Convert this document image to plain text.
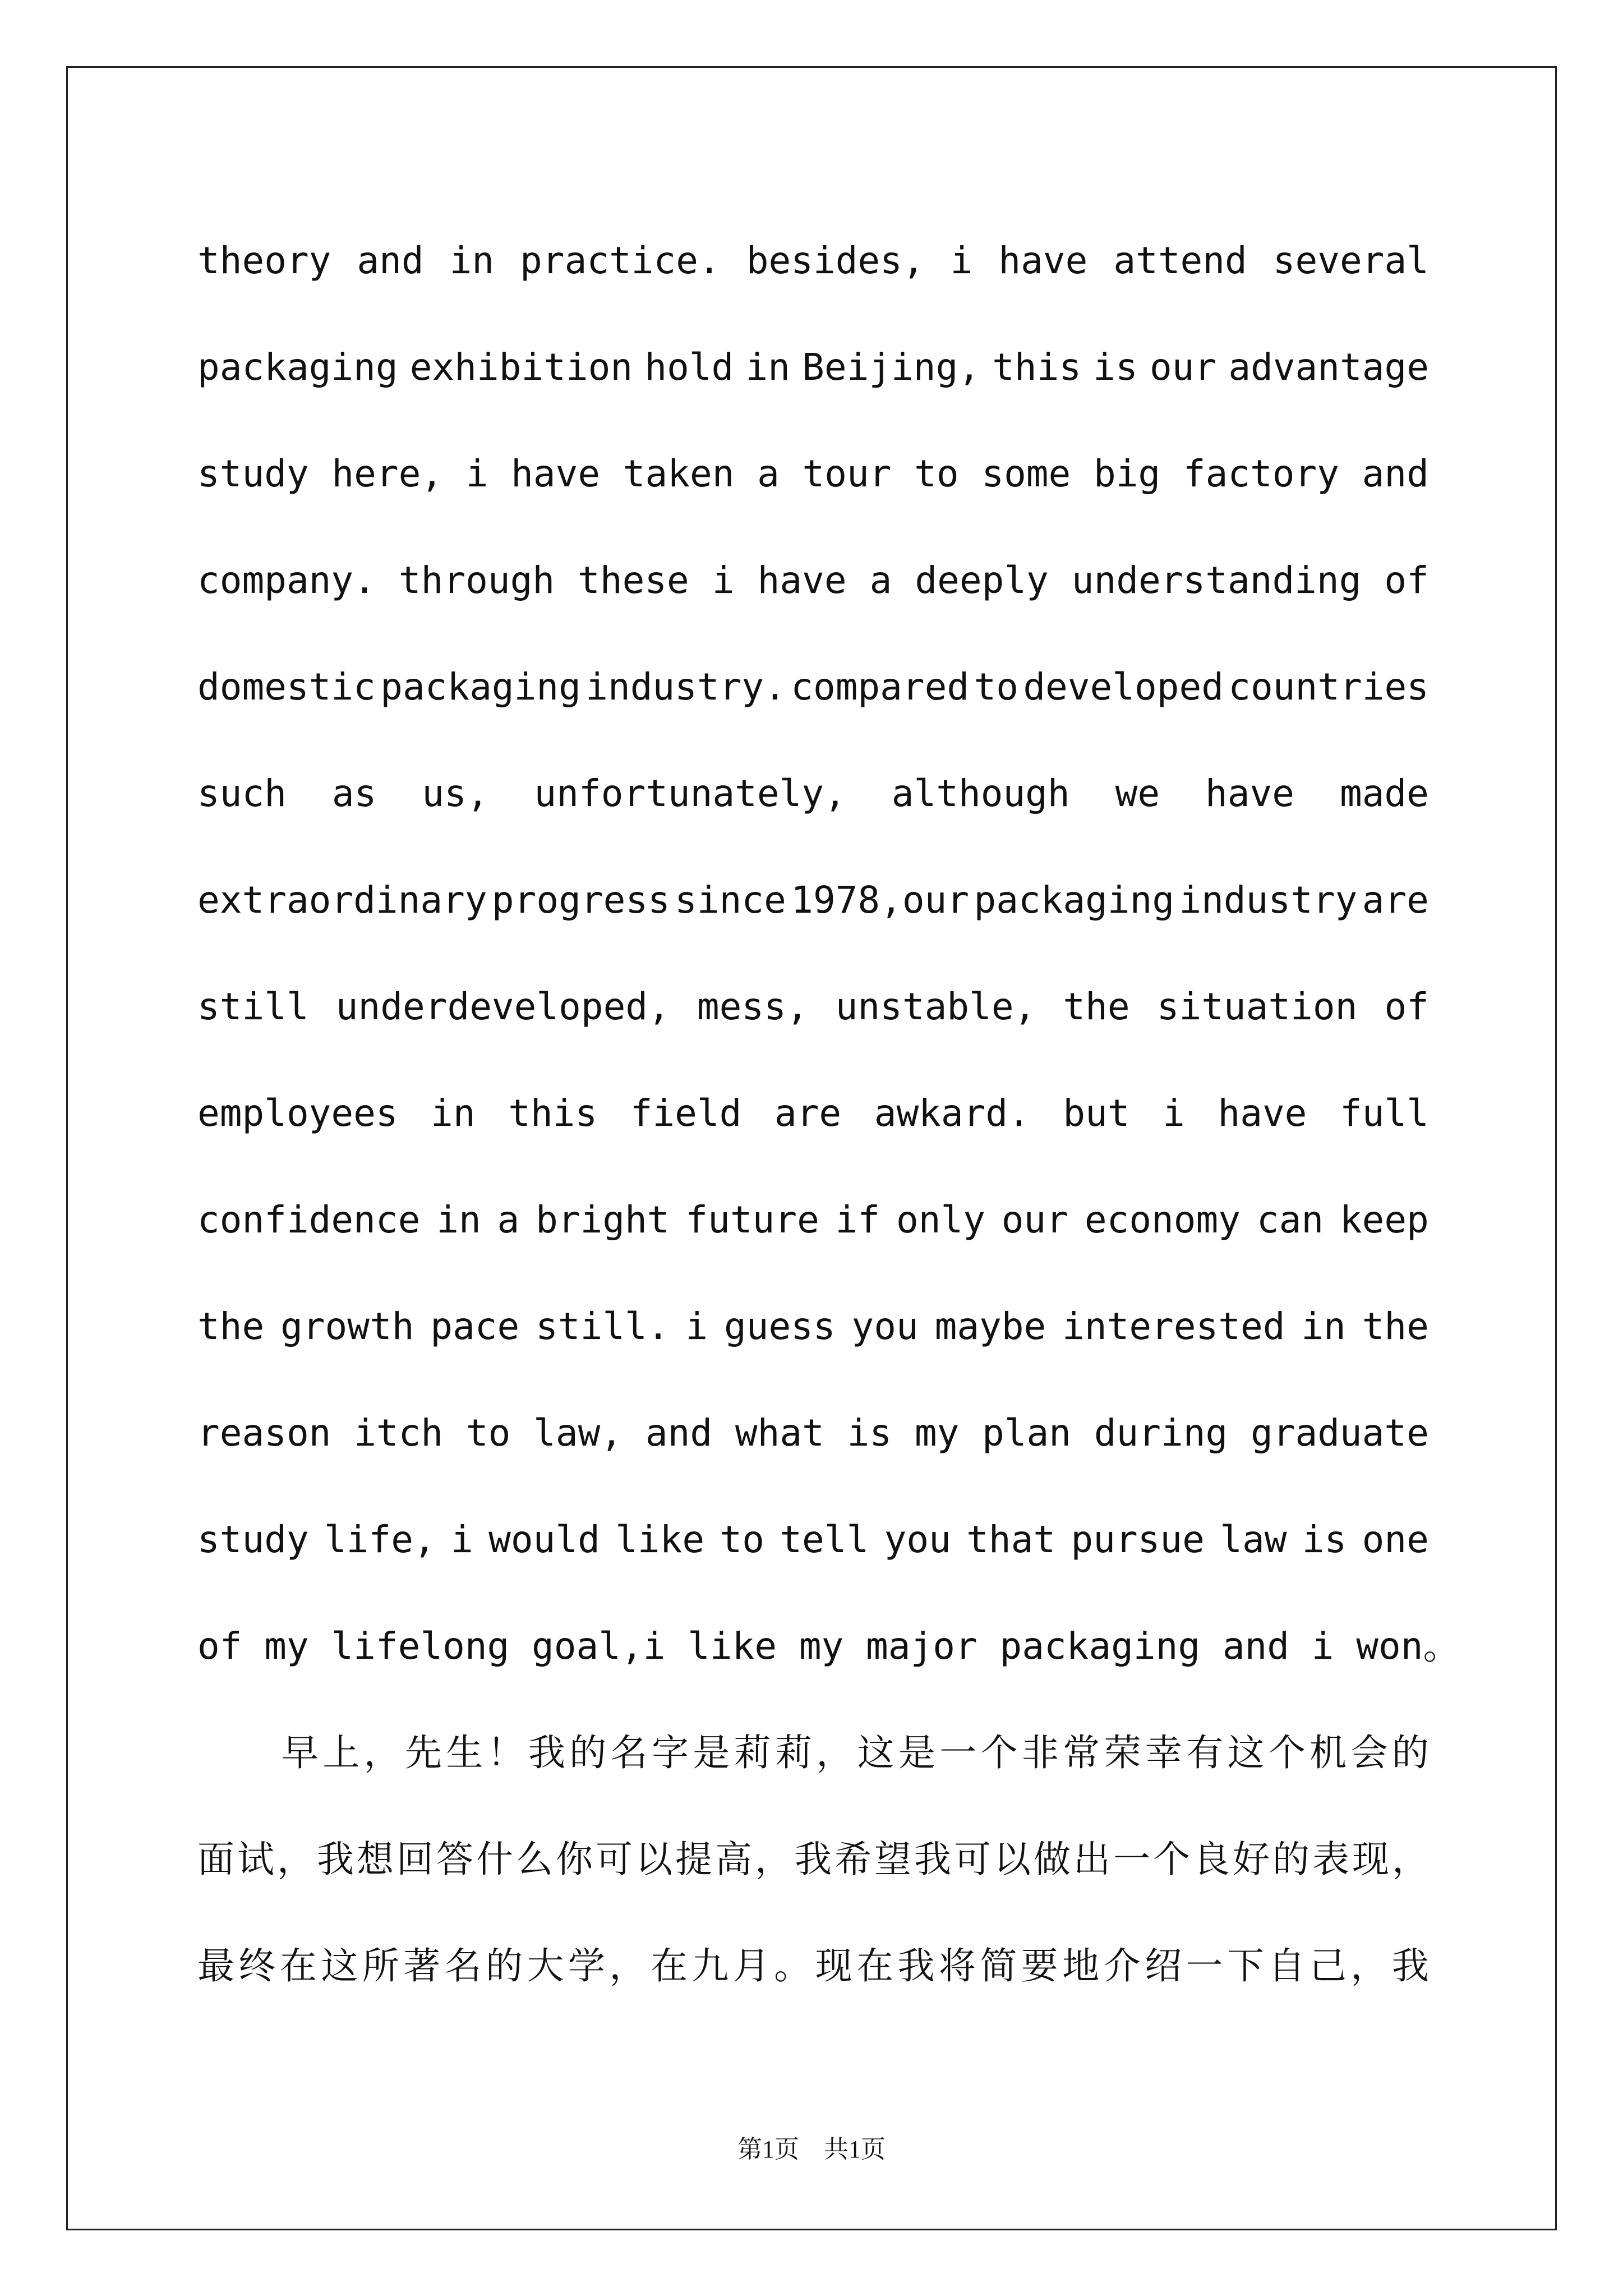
theory and in practice. besides, i have attend several
packaging exhibition hold in Beijing, this is our advantage
study here, i have taken a tour to some big factory and
company. through these i have a deeply understanding of
domestic packaging industry. compared to developed countries
such as us, unfortunately, although we have made
extraordinary progress since 1978,our packaging industry are
still underdeveloped, mess, unstable, the situation of
employees in this field are awkard. but i have full
confidence in a bright future if only our economy can keep
the growth pace still. i guess you maybe interested in the
reason itch to law, and what is my plan during graduate
study life, i would like to tell you that pursue law is one
of my lifelong goal,i like my major packaging and i won。
早 上 ， 先 生 ！ 我 的 名 字 是 莉 莉 ， 这 是 一 个 非 常 荣 幸 有 这 个 机 会 的
面 试 ， 我 想 回 答 什 么 你 可 以 提 高 ， 我 希 望 我 可 以 做 出 一 个 良 好 的 表 现 ，
最 终 在 这 所 著 名 的 大 学 ， 在 九 月 。 现 在 我 将 简 要 地 介 绍 一 下 自 己 ， 我
第1页　共1页
